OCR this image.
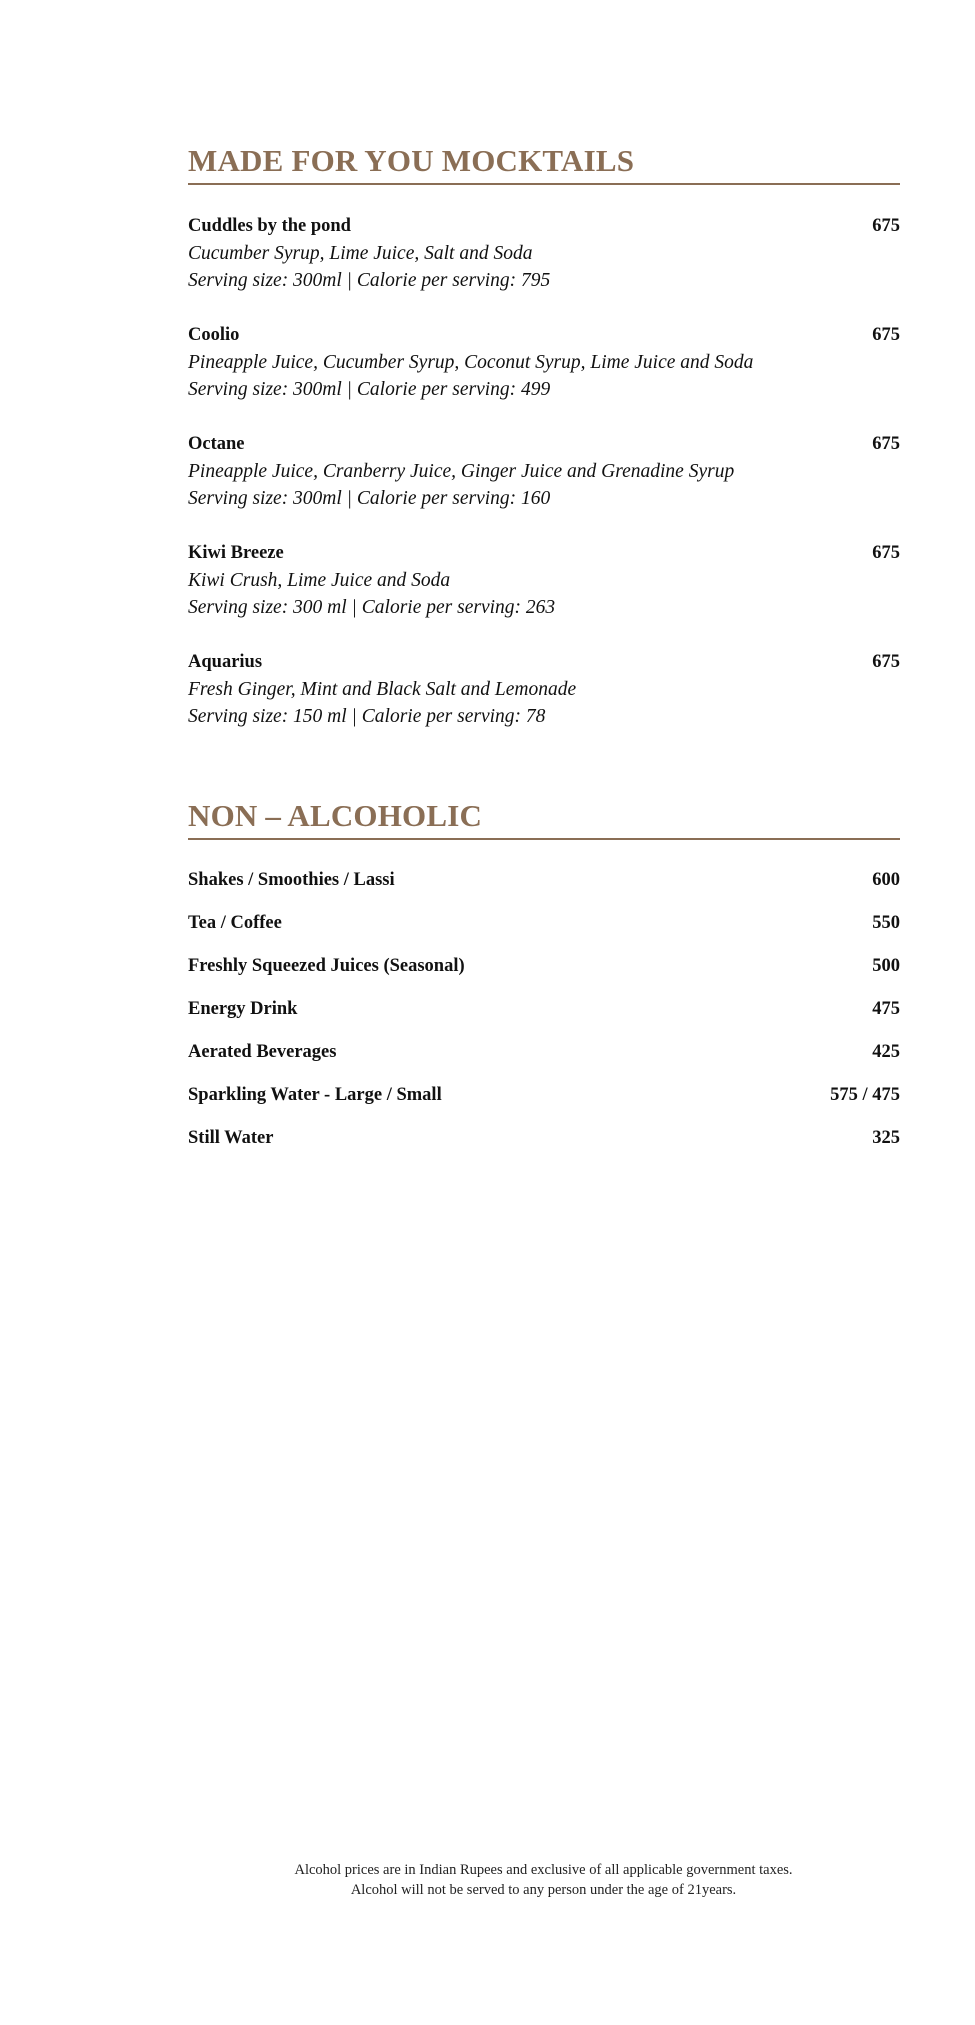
MADE FOR YOU MOCKTAILS
Cuddles by the pond	675
Cucumber Syrup, Lime Juice, Salt and Soda
Serving size: 300ml | Calorie per serving: 795
Coolio	675
Pineapple Juice, Cucumber Syrup, Coconut Syrup, Lime Juice and Soda
Serving size: 300ml | Calorie per serving: 499
Octane	675
Pineapple Juice, Cranberry Juice, Ginger Juice and Grenadine Syrup
Serving size: 300ml | Calorie per serving: 160
Kiwi Breeze	675
Kiwi Crush, Lime Juice and Soda
Serving size: 300 ml | Calorie per serving: 263
Aquarius	675
Fresh Ginger, Mint and Black Salt and Lemonade
Serving size: 150 ml | Calorie per serving: 78
NON – ALCOHOLIC
Shakes / Smoothies / Lassi	600
Tea / Coffee	550
Freshly Squeezed Juices (Seasonal)	500
Energy Drink	475
Aerated Beverages	425
Sparkling Water - Large / Small	575 / 475
Still Water	325
Alcohol prices are in Indian Rupees and exclusive of all applicable government taxes.
Alcohol will not be served to any person under the age of 21years.
